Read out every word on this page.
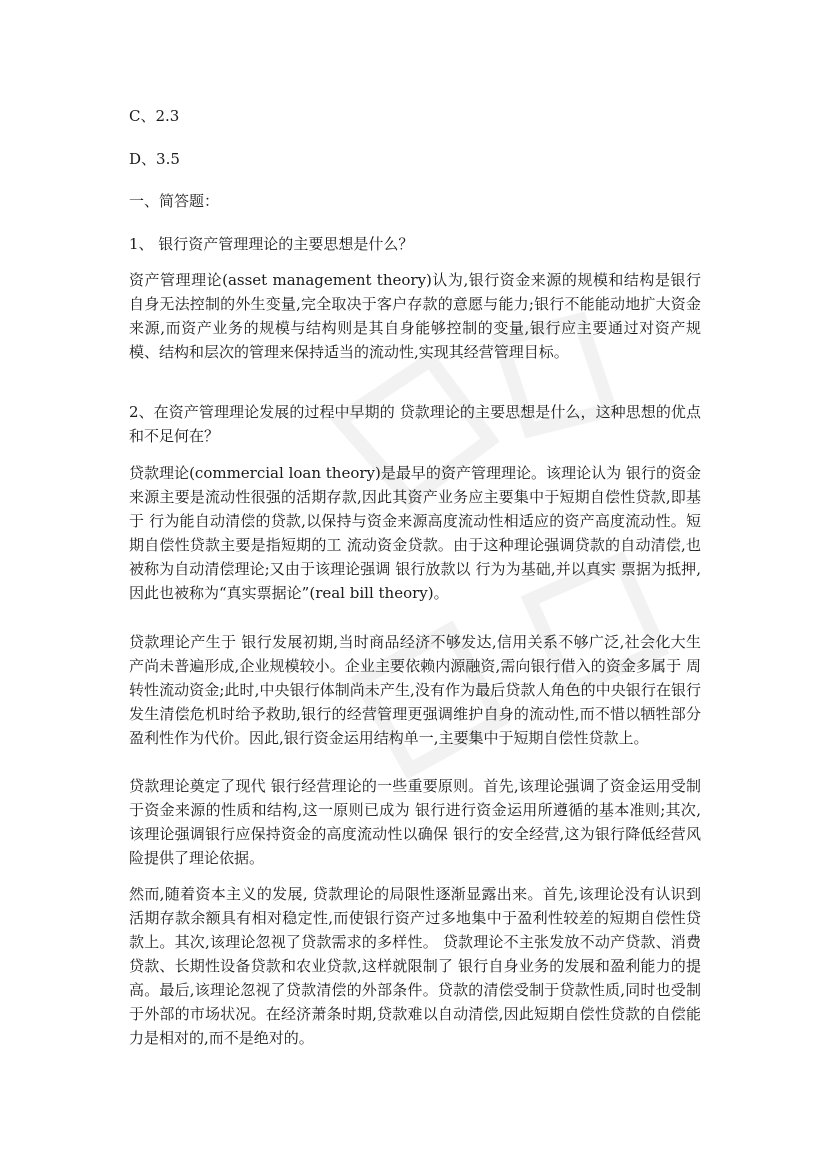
C、2.3
D、3.5
一、简答题：
1、 银行资产管理理论的主要思想是什么？
资产管理理论(asset management theory)认为,银行资金来源的规模和结构是银行自身无法控制的外生变量,完全取决于客户存款的意愿与能力;银行不能能动地扩大资金来源,而资产业务的规模与结构则是其自身能够控制的变量,银行应主要通过对资产规模、结构和层次的管理来保持适当的流动性,实现其经营管理目标。
2、在资产管理理论发展的过程中早期的 贷款理论的主要思想是什么，这种思想的优点和不足何在？
贷款理论(commercial loan theory)是最早的资产管理理论。该理论认为 银行的资金来源主要是流动性很强的活期存款,因此其资产业务应主要集中于短期自偿性贷款,即基于 行为能自动清偿的贷款,以保持与资金来源高度流动性相适应的资产高度流动性。短期自偿性贷款主要是指短期的工 流动资金贷款。由于这种理论强调贷款的自动清偿,也被称为自动清偿理论;又由于该理论强调 银行放款以 行为为基础,并以真实 票据为抵押,因此也被称为“真实票据论”(real bill theory)。
贷款理论产生于 银行发展初期,当时商品经济不够发达,信用关系不够广泛,社会化大生产尚未普遍形成,企业规模较小。企业主要依赖内源融资,需向银行借入的资金多属于 周转性流动资金;此时,中央银行体制尚未产生,没有作为最后贷款人角色的中央银行在银行发生清偿危机时给予救助,银行的经营管理更强调维护自身的流动性,而不惜以牺牲部分盈利性作为代价。因此,银行资金运用结构单一,主要集中于短期自偿性贷款上。
贷款理论奠定了现代 银行经营理论的一些重要原则。首先,该理论强调了资金运用受制于资金来源的性质和结构,这一原则已成为 银行进行资金运用所遵循的基本准则;其次,该理论强调银行应保持资金的高度流动性以确保 银行的安全经营,这为银行降低经营风险提供了理论依据。
然而,随着资本主义的发展, 贷款理论的局限性逐渐显露出来。首先,该理论没有认识到活期存款余额具有相对稳定性,而使银行资产过多地集中于盈利性较差的短期自偿性贷款上。其次,该理论忽视了贷款需求的多样性。 贷款理论不主张发放不动产贷款、消费贷款、长期性设备贷款和农业贷款,这样就限制了 银行自身业务的发展和盈利能力的提高。最后,该理论忽视了贷款清偿的外部条件。贷款的清偿受制于贷款性质,同时也受制于外部的市场状况。在经济萧条时期,贷款难以自动清偿,因此短期自偿性贷款的自偿能力是相对的,而不是绝对的。
